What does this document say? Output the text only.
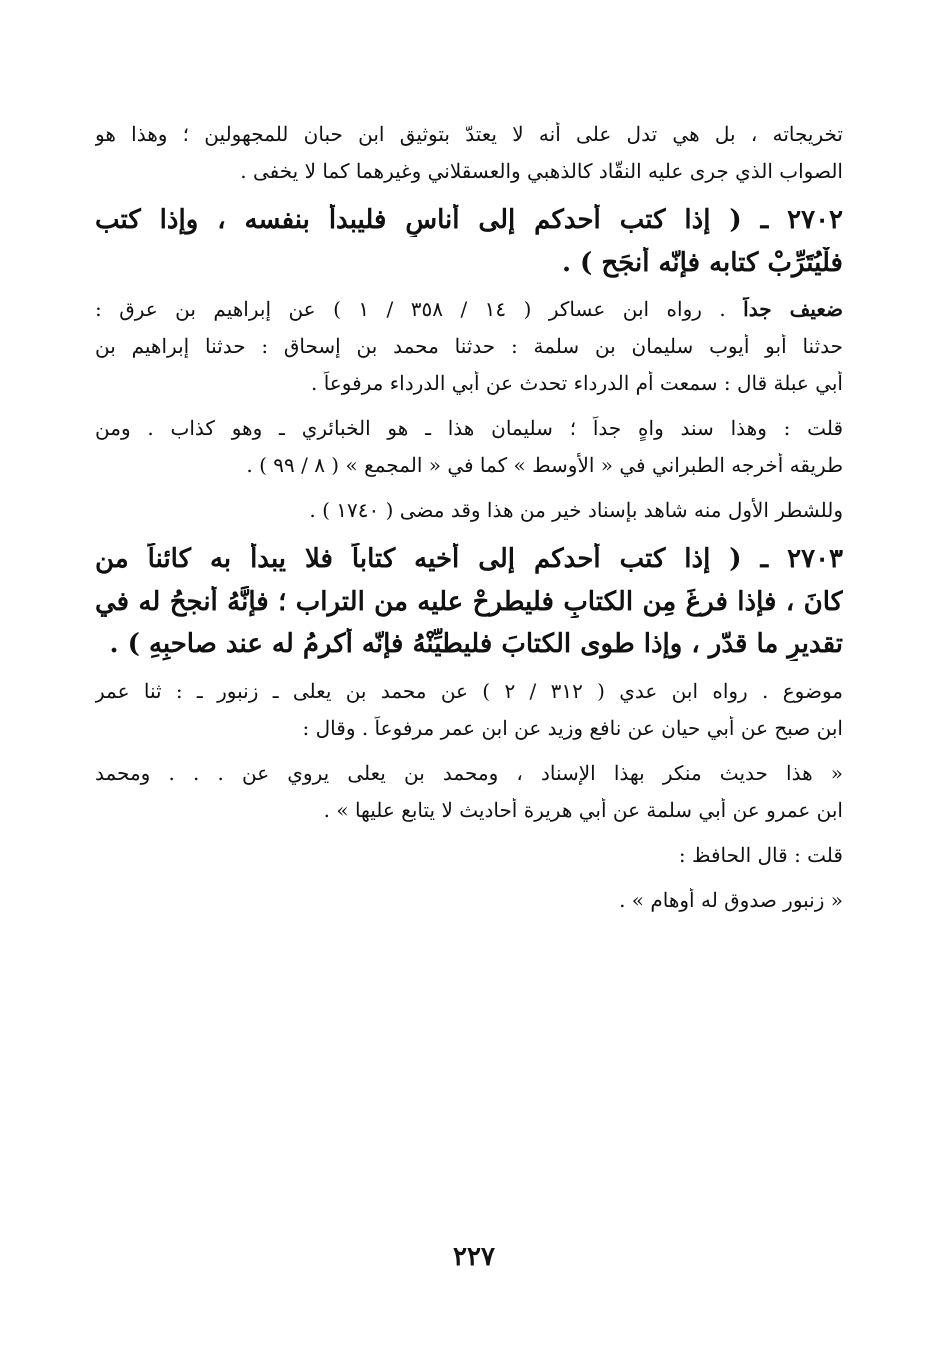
تخريجاته ، بل هي تدل على أنه لا يعتدّ بتوثيق ابن حبان للمجهولين ؛ وهذا هو
الصواب الذي جرى عليه النقّاد كالذهبي والعسقلاني وغيرهما كما لا يخفى .
٢٧٠٢ ـ ( إذا كتب أحدكم إلى أناسٍ فليبدأ بنفسه ، وإذا كتب
فلْيُتَرِّبْ كتابه فإنّه أَنجَح ) .
ضعيف جداً . رواه ابن عساكر ( ١٤ / ٣٥٨ / ١ ) عن إبراهيم بن عرق :
حدثنا أبو أيوب سليمان بن سلمة : حدثنا محمد بن إسحاق : حدثنا إبراهيم بن
أبي عبلة قال : سمعت أم الدرداء تحدث عن أبي الدرداء مرفوعاً .
قلت : وهذا سند واهٍ جداً ؛ سليمان هذا ـ هو الخبائري ـ وهو كذاب . ومن
طريقه أخرجه الطبراني في « الأوسط » كما في « المجمع » ( ٨ / ٩٩ ) .
وللشطر الأول منه شاهد بإسناد خير من هذا وقد مضى ( ١٧٤٠ ) .
٢٧٠٣ ـ ( إذا كتب أحدكم إلى أَخيه كتاباً فلا يبدأ به كائناً من
كانَ ، فإذا فرغَ مِن الكتابِ فليطرحْ عليه من التراب ؛ فإنَّهُ أَنجحُ له في
تقديرِ ما قدّر ، وإذا طوى الكتابَ فليطيِّنْهُ فإنّه أكرمُ له عند صاحبِهِ ) .
موضوع . رواه ابن عدي ( ٣١٢ / ٢ ) عن محمد بن يعلى ـ زنبور ـ : ثنا عمر
ابن صبح عن أبي حيان عن نافع وزيد عن ابن عمر مرفوعاً . وقال :
« هذا حديث منكر بهذا الإسناد ، ومحمد بن يعلى يروي عن . . . ومحمد
ابن عمرو عن أبي سلمة عن أبي هريرة أحاديث لا يتابع عليها » .
قلت : قال الحافظ :
« زنبور صدوق له أوهام » .
٢٢٧
